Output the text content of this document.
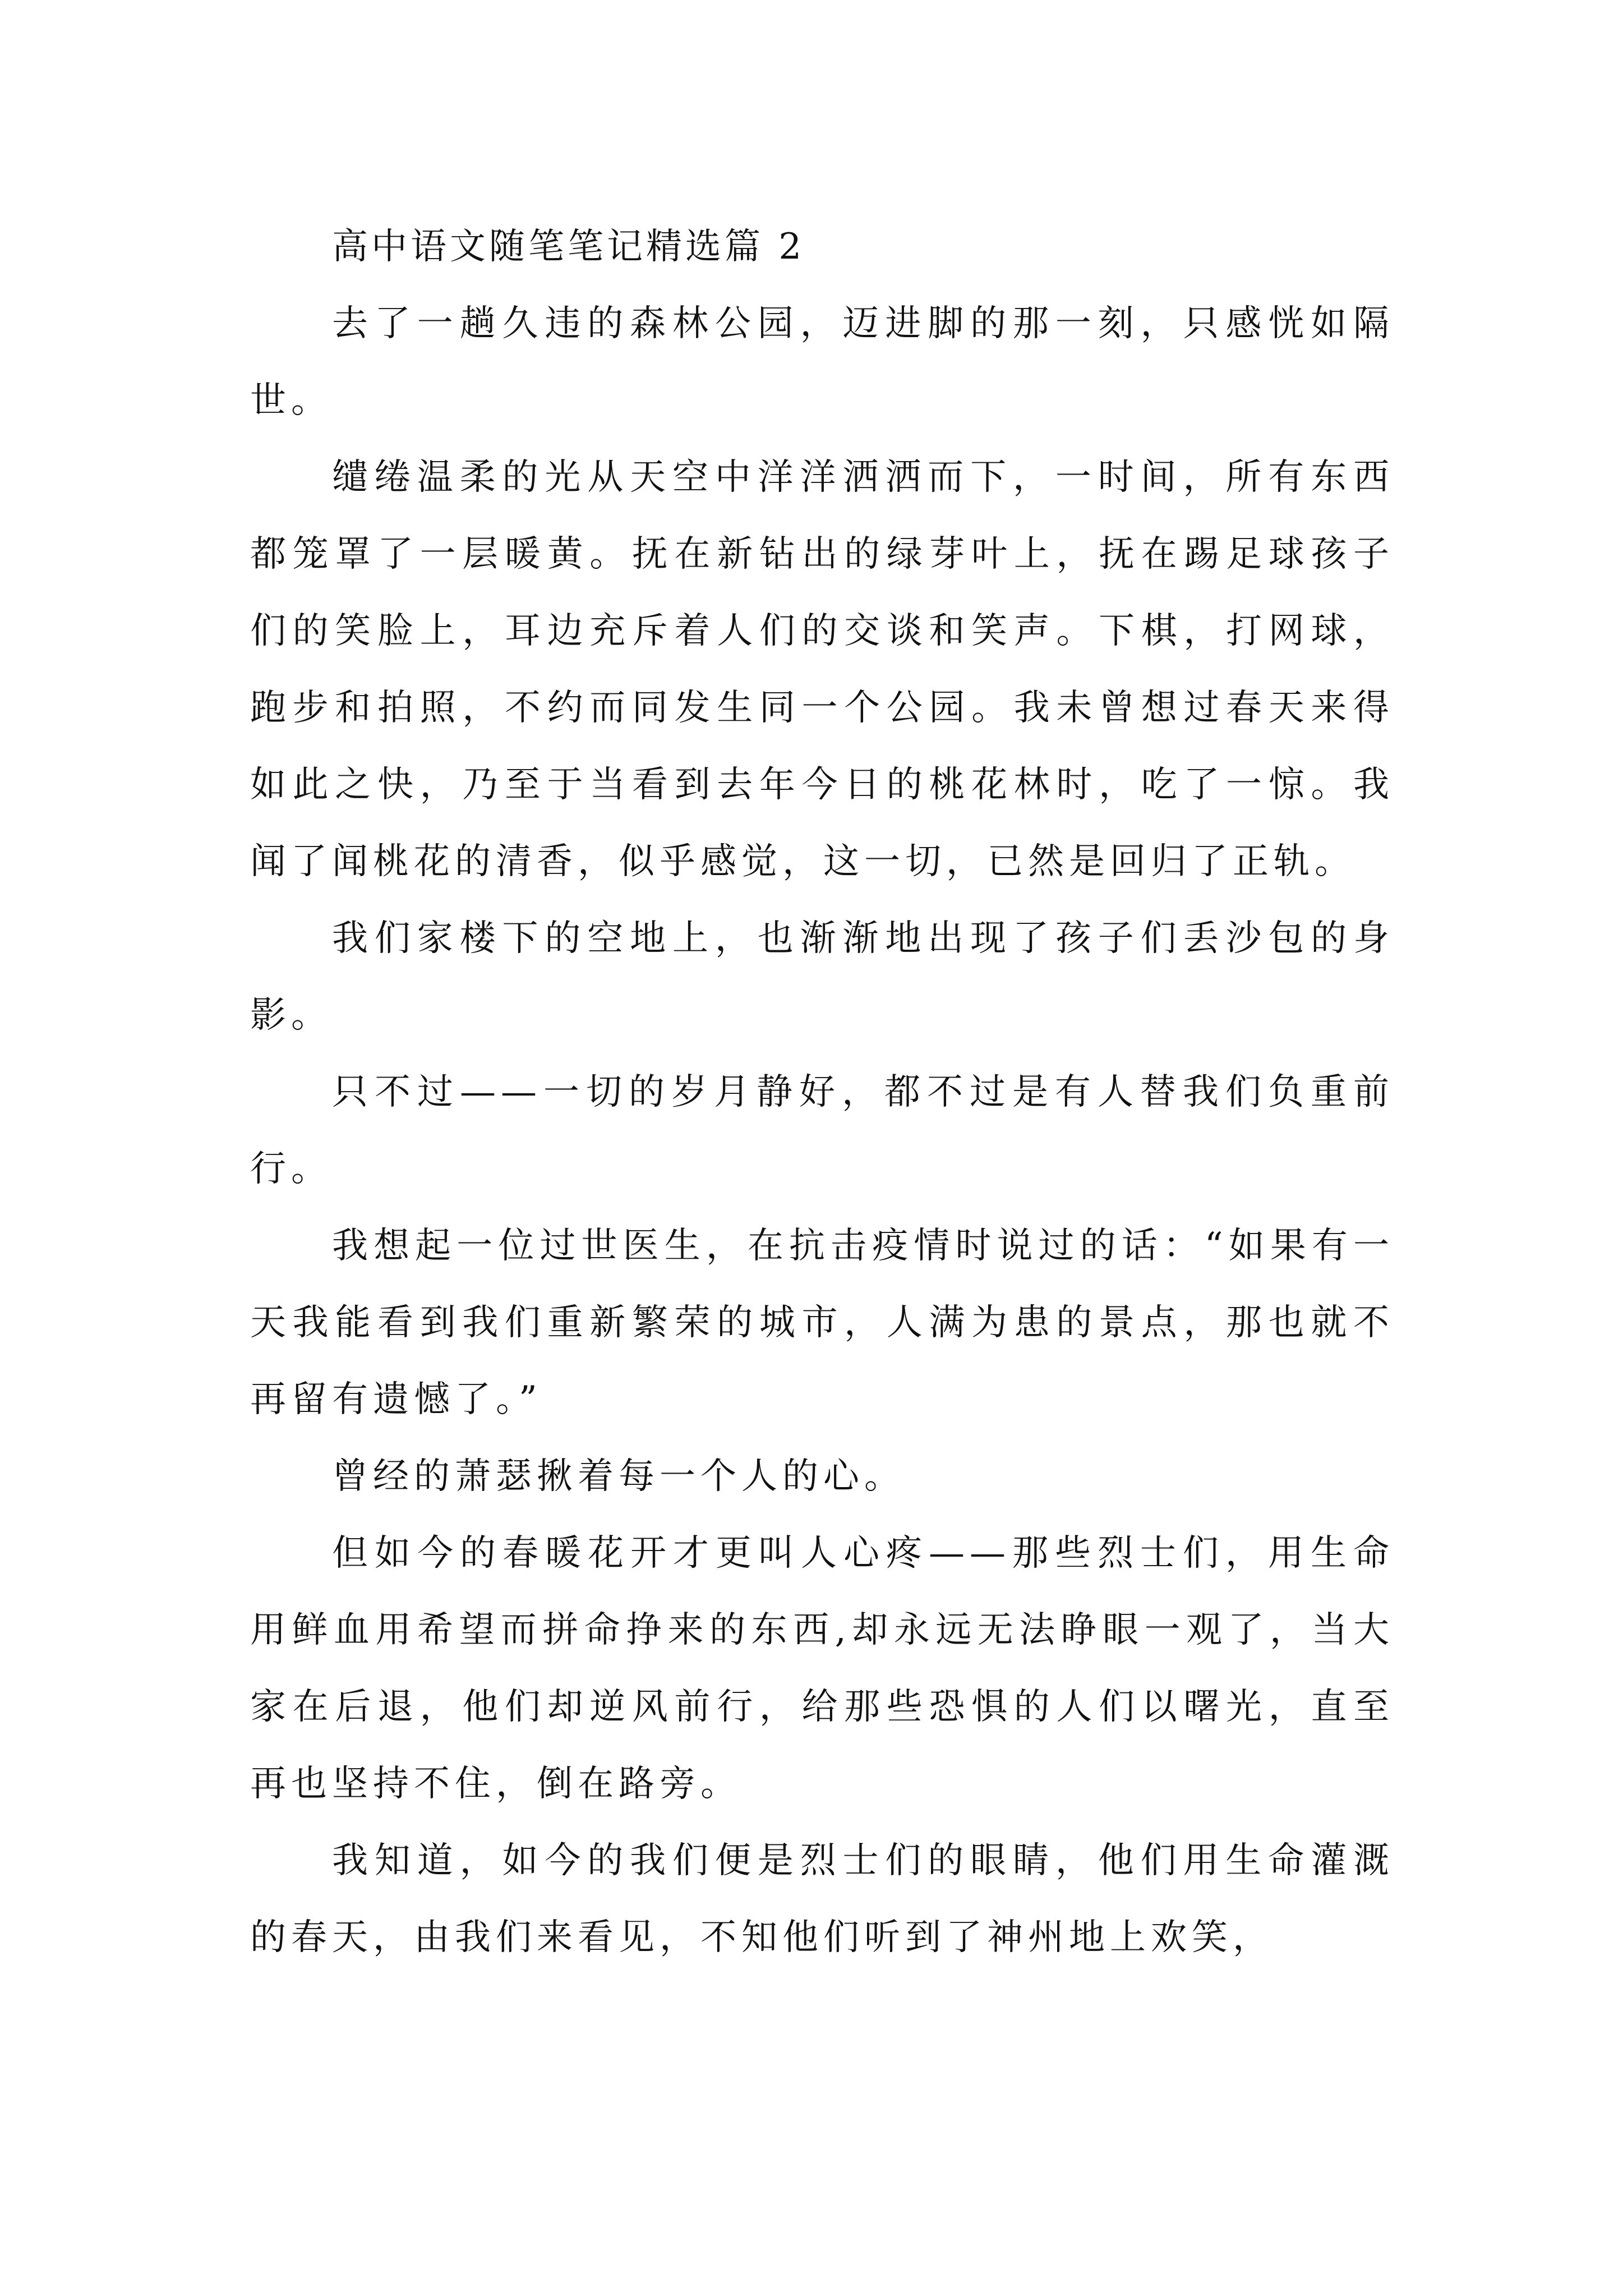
高中语文随笔笔记精选篇 2

去了一趟久违的森林公园，迈进脚的那一刻，只感恍如隔世。

缱绻温柔的光从天空中洋洋洒洒而下，一时间，所有东西都笼罩了一层暖黄。抚在新钻出的绿芽叶上，抚在踢足球孩子们的笑脸上，耳边充斥着人们的交谈和笑声。下棋，打网球，跑步和拍照，不约而同发生同一个公园。我未曾想过春天来得如此之快，乃至于当看到去年今日的桃花林时，吃了一惊。我闻了闻桃花的清香，似乎感觉，这一切，已然是回归了正轨。

我们家楼下的空地上，也渐渐地出现了孩子们丢沙包的身影。

只不过——一切的岁月静好，都不过是有人替我们负重前行。

我想起一位过世医生，在抗击疫情时说过的话：“如果有一天我能看到我们重新繁荣的城市，人满为患的景点，那也就不再留有遗憾了。”

曾经的萧瑟揪着每一个人的心。

但如今的春暖花开才更叫人心疼——那些烈士们，用生命用鲜血用希望而拼命挣来的东西,却永远无法睁眼一观了，当大家在后退，他们却逆风前行，给那些恐惧的人们以曙光，直至再也坚持不住，倒在路旁。

我知道，如今的我们便是烈士们的眼睛，他们用生命灌溉的春天，由我们来看见，不知他们听到了神州地上欢笑，
